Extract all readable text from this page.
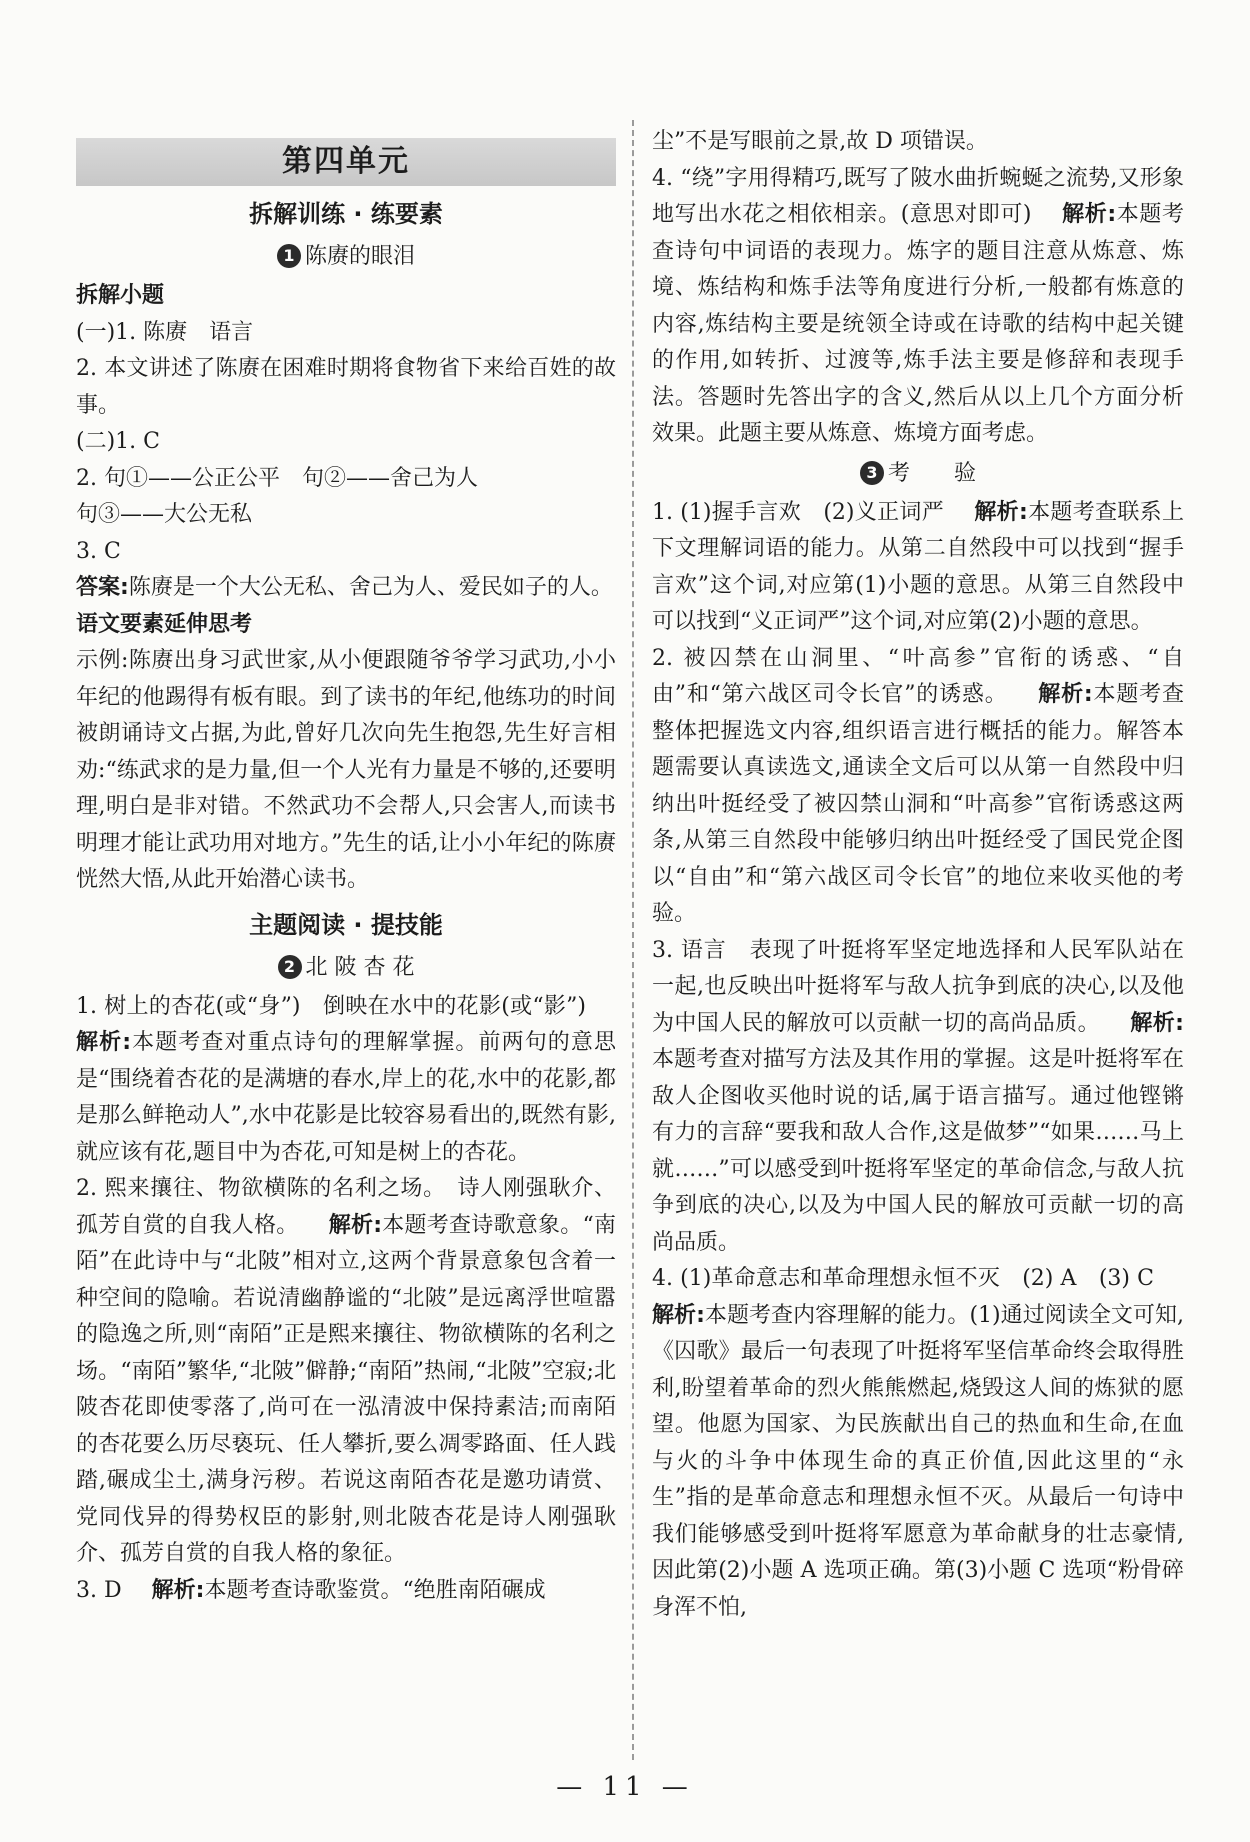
第四单元
拆解训练 · 练要素
1 陈赓的眼泪

拆解小题

(一)1. 陈赓　语言

2. 本文讲述了陈赓在困难时期将食物省下来给百姓的故事。

(二)1. C

2. 句①——公正公平　句②——舍己为人

句③——大公无私

3. C

答案:陈赓是一个大公无私、舍己为人、爱民如子的人。

语文要素延伸思考

示例:陈赓出身习武世家,从小便跟随爷爷学习武功,小小年纪的他踢得有板有眼。到了读书的年纪,他练功的时间被朗诵诗文占据,为此,曾好几次向先生抱怨,先生好言相劝:“练武求的是力量,但一个人光有力量是不够的,还要明理,明白是非对错。不然武功不会帮人,只会害人,而读书明理才能让武功用对地方。”先生的话,让小小年纪的陈赓恍然大悟,从此开始潜心读书。

主题阅读 · 提技能
2 北 陂 杏 花

1. 树上的杏花(或“身”)　倒映在水中的花影(或“影”)解析:本题考查对重点诗句的理解掌握。前两句的意思是“围绕着杏花的是满塘的春水,岸上的花,水中的花影,都是那么鲜艳动人”,水中花影是比较容易看出的,既然有影,就应该有花,题目中为杏花,可知是树上的杏花。

2. 熙来攘往、物欲横陈的名利之场。　诗人刚强耿介、孤芳自赏的自我人格。 解析:本题考查诗歌意象。“南陌”在此诗中与“北陂”相对立,这两个背景意象包含着一种空间的隐喻。若说清幽静谧的“北陂”是远离浮世喧嚣的隐逸之所,则“南陌”正是熙来攘往、物欲横陈的名利之场。“南陌”繁华,“北陂”僻静;“南陌”热闹,“北陂”空寂;北陂杏花即使零落了,尚可在一泓清波中保持素洁;而南陌的杏花要么历尽亵玩、任人攀折,要么凋零路面、任人践踏,碾成尘土,满身污秽。若说这南陌杏花是邀功请赏、党同伐异的得势权臣的影射,则北陂杏花是诗人刚强耿介、孤芳自赏的自我人格的象征。

3. D 解析:本题考查诗歌鉴赏。“绝胜南陌碾成

尘”不是写眼前之景,故 D 项错误。

4. “绕”字用得精巧,既写了陂水曲折蜿蜒之流势,又形象地写出水花之相依相亲。(意思对即可) 解析:本题考查诗句中词语的表现力。炼字的题目注意从炼意、炼境、炼结构和炼手法等角度进行分析,一般都有炼意的内容,炼结构主要是统领全诗或在诗歌的结构中起关键的作用,如转折、过渡等,炼手法主要是修辞和表现手法。答题时先答出字的含义,然后从以上几个方面分析效果。此题主要从炼意、炼境方面考虑。

3 考　　验

1. (1)握手言欢　(2)义正词严 解析:本题考查联系上下文理解词语的能力。从第二自然段中可以找到“握手言欢”这个词,对应第(1)小题的意思。从第三自然段中可以找到“义正词严”这个词,对应第(2)小题的意思。

2. 被囚禁在山洞里、“叶高参”官衔的诱惑、“自由”和“第六战区司令长官”的诱惑。 解析:本题考查整体把握选文内容,组织语言进行概括的能力。解答本题需要认真读选文,通读全文后可以从第一自然段中归纳出叶挺经受了被囚禁山洞和“叶高参”官衔诱惑这两条,从第三自然段中能够归纳出叶挺经受了国民党企图以“自由”和“第六战区司令长官”的地位来收买他的考验。

3. 语言　表现了叶挺将军坚定地选择和人民军队站在一起,也反映出叶挺将军与敌人抗争到底的决心,以及他为中国人民的解放可以贡献一切的高尚品质。 解析:本题考查对描写方法及其作用的掌握。这是叶挺将军在敌人企图收买他时说的话,属于语言描写。通过他铿锵有力的言辞“要我和敌人合作,这是做梦”“如果……马上就……”可以感受到叶挺将军坚定的革命信念,与敌人抗争到底的决心,以及为中国人民的解放可贡献一切的高尚品质。

4. (1)革命意志和革命理想永恒不灭　(2) A　(3) C解析:本题考查内容理解的能力。(1)通过阅读全文可知,《囚歌》最后一句表现了叶挺将军坚信革命终会取得胜利,盼望着革命的烈火熊熊燃起,烧毁这人间的炼狱的愿望。他愿为国家、为民族献出自己的热血和生命,在血与火的斗争中体现生命的真正价值,因此这里的“永生”指的是革命意志和理想永恒不灭。从最后一句诗中我们能够感受到叶挺将军愿意为革命献身的壮志豪情,因此第(2)小题 A 选项正确。第(3)小题 C 选项“粉骨碎身浑不怕,

— 11 —
